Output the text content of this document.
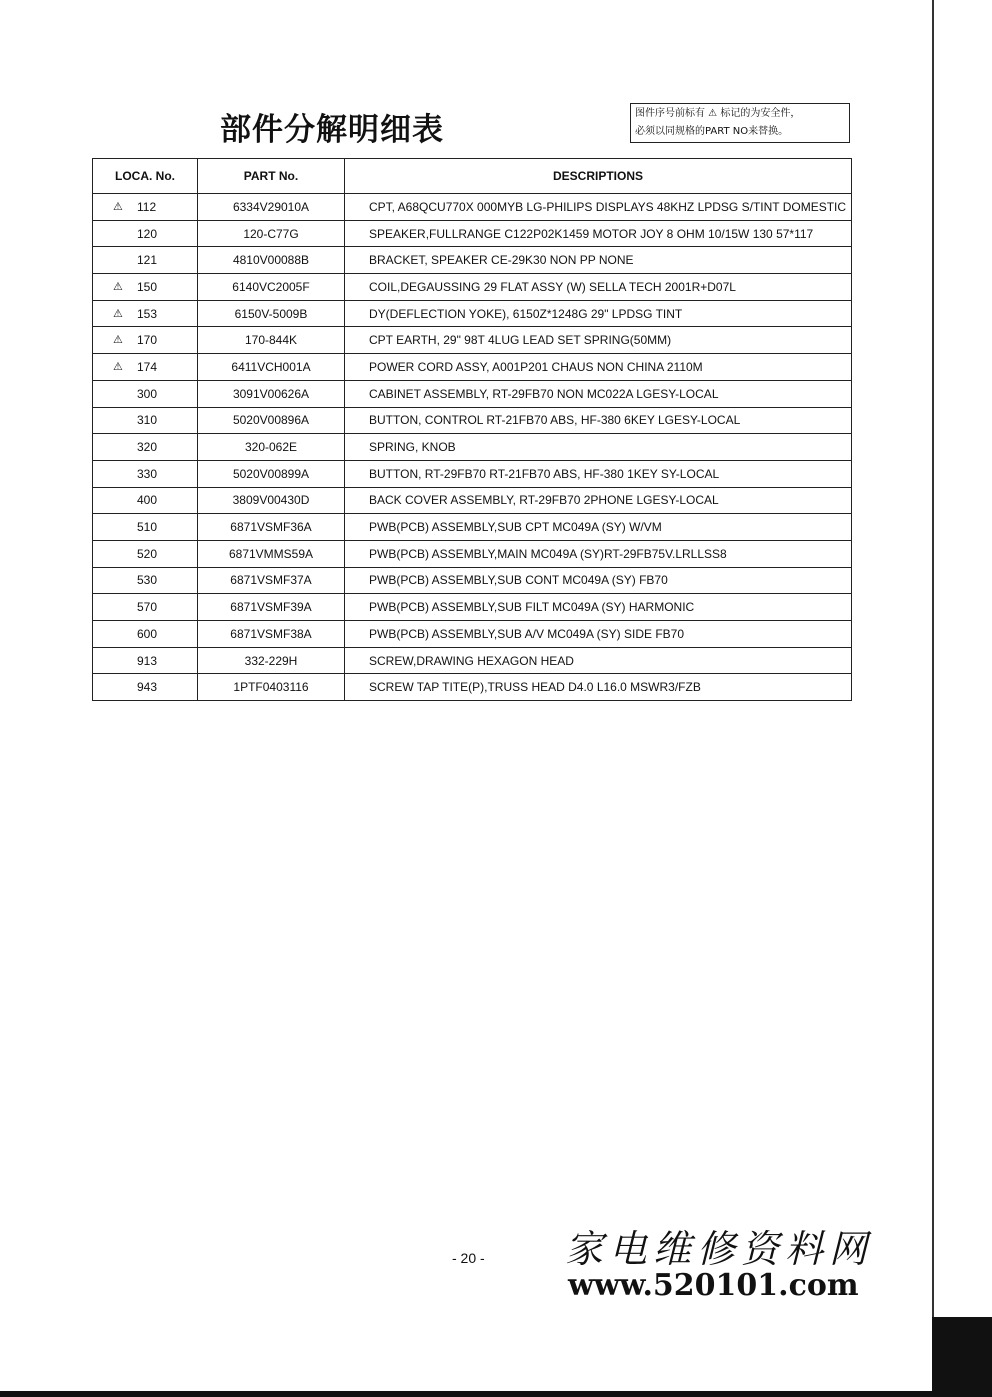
部件分解明细表	图件序号前标有 ⚠ 标记的为安全件，
必须以同规格的PART NO来替换。
LOCA. No.	PART No.	DESCRIPTIONS

⚠ 112	6334V29010A	CPT, A68QCU770X 000MYB LG-PHILIPS DISPLAYS 48KHZ LPDSG S/TINT DOMESTIC
120	120-C77G	SPEAKER,FULLRANGE C122P02K1459 MOTOR JOY 8 OHM 10/15W 130 57*117
121	4810V00088B	BRACKET, SPEAKER CE-29K30 NON PP NONE

⚠ 150	6140VC2005F	COIL,DEGAUSSING 29 FLAT ASSY (W) SELLA TECH 2001R+D07L

⚠ 153	6150V-5009B	DY(DEFLECTION YOKE), 6150Z*1248G 29" LPDSG TINT

⚠ 170	170-844K	CPT EARTH, 29" 98T 4LUG LEAD SET SPRING(50MM)

⚠ 174	6411VCH001A	POWER CORD ASSY, A001P201 CHAUS NON CHINA 2110M
300	3091V00626A	CABINET ASSEMBLY, RT-29FB70 NON MC022A LGESY-LOCAL
310	5020V00896A	BUTTON, CONTROL RT-21FB70 ABS, HF-380 6KEY LGESY-LOCAL
320	320-062E	SPRING, KNOB
330	5020V00899A	BUTTON, RT-29FB70 RT-21FB70 ABS, HF-380 1KEY SY-LOCAL
400	3809V00430D	BACK COVER ASSEMBLY, RT-29FB70 2PHONE LGESY-LOCAL
510	6871VSMF36A	PWB(PCB) ASSEMBLY,SUB CPT MC049A (SY) W/VM
520	6871VMMS59A	PWB(PCB) ASSEMBLY,MAIN MC049A (SY)RT-29FB75V.LRLLSS8
530	6871VSMF37A	PWB(PCB) ASSEMBLY,SUB CONT MC049A (SY) FB70
570	6871VSMF39A	PWB(PCB) ASSEMBLY,SUB FILT MC049A (SY) HARMONIC
600	6871VSMF38A	PWB(PCB) ASSEMBLY,SUB A/V MC049A (SY) SIDE FB70
913	332-229H	SCREW,DRAWING HEXAGON HEAD
943	1PTF0403116	SCREW TAP TITE(P),TRUSS HEAD D4.0 L16.0 MSWR3/FZB
- 20 - 家电维修资料网
www.520101.com
